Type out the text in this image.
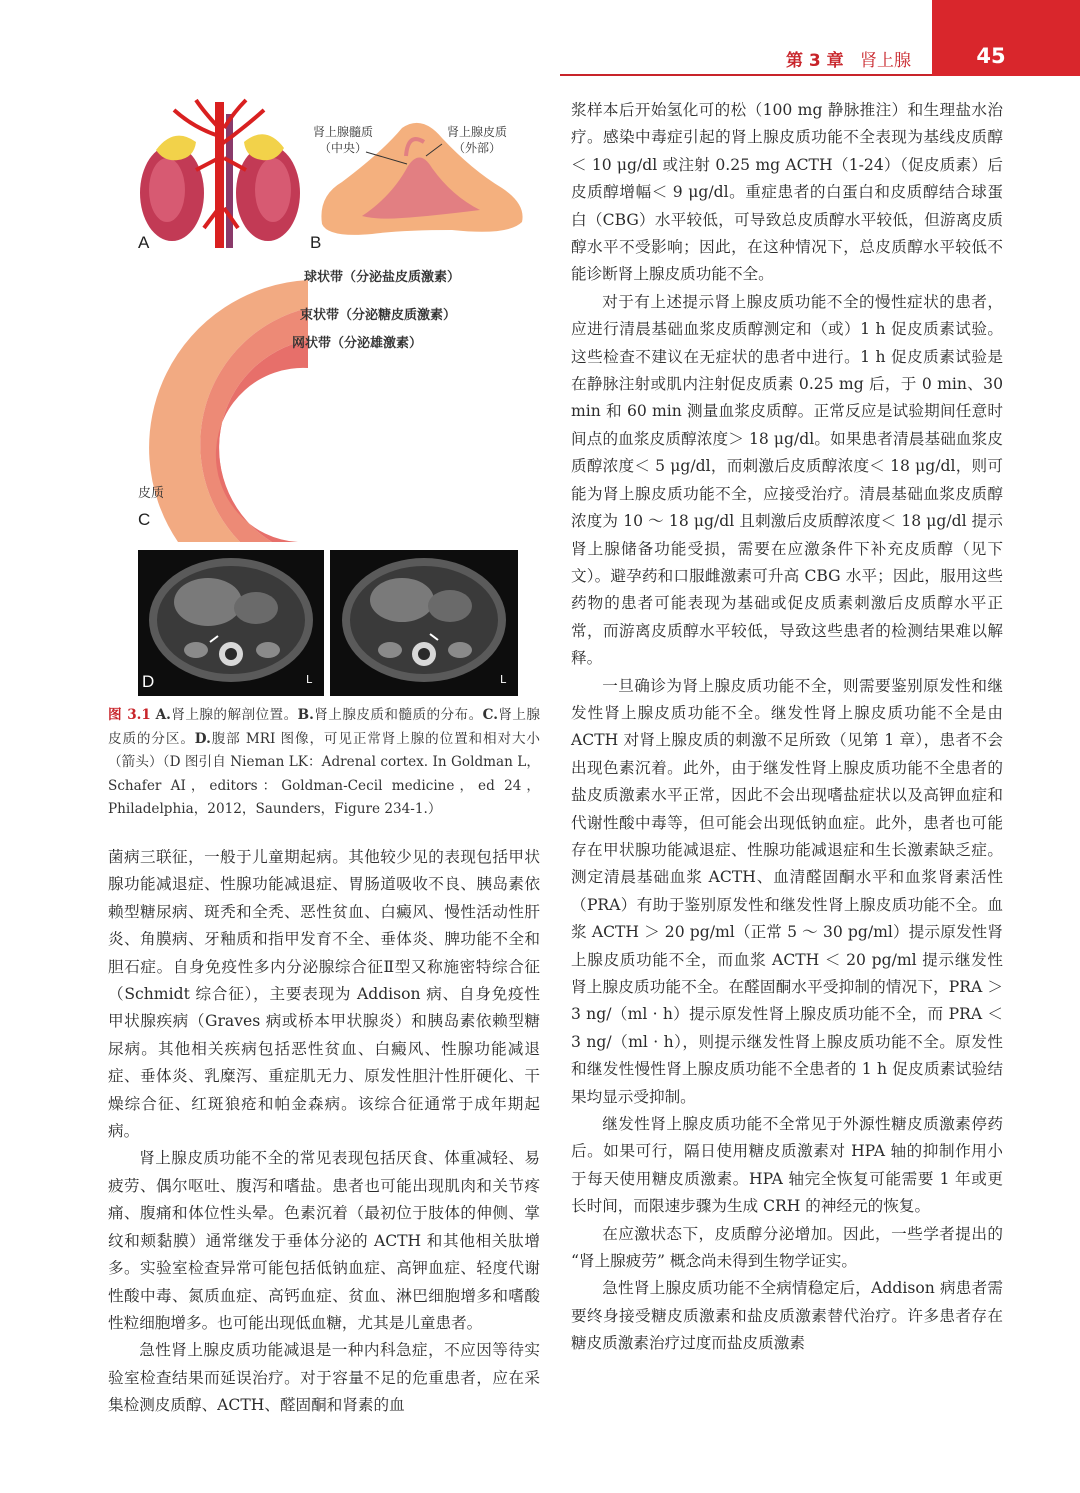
第 3 章 肾上腺	45
A
肾上腺髓质
（中央）
肾上腺皮质
（外部）
B
球状带（分泌盐皮质激素）
束状带（分泌糖皮质激素）
网状带（分泌雄激素）
皮质
C
D	L	L
图 3.1 A.肾上腺的解剖位置。B.肾上腺皮质和髓质的分布。C.肾上腺皮质的分区。D.腹部 MRI 图像，可见正常肾上腺的位置和相对大小（箭头）（D 图引自 Nieman LK：Adrenal cortex. In Goldman L，Schafer AI，editors：Goldman-Cecil medicine，ed 24，Philadelphia，2012，Saunders，Figure 234-1.）

菌病三联征，一般于儿童期起病。其他较少见的表现包括甲状腺功能减退症、性腺功能减退症、胃肠道吸收不良、胰岛素依赖型糖尿病、斑秃和全秃、恶性贫血、白癜风、慢性活动性肝炎、角膜病、牙釉质和指甲发育不全、垂体炎、脾功能不全和胆石症。自身免疫性多内分泌腺综合征Ⅱ型又称施密特综合征（Schmidt 综合征），主要表现为 Addison 病、自身免疫性甲状腺疾病（Graves 病或桥本甲状腺炎）和胰岛素依赖型糖尿病。其他相关疾病包括恶性贫血、白癜风、性腺功能减退症、垂体炎、乳糜泻、重症肌无力、原发性胆汁性肝硬化、干燥综合征、红斑狼疮和帕金森病。该综合征通常于成年期起病。

肾上腺皮质功能不全的常见表现包括厌食、体重减轻、易疲劳、偶尔呕吐、腹泻和嗜盐。患者也可能出现肌肉和关节疼痛、腹痛和体位性头晕。色素沉着（最初位于肢体的伸侧、掌纹和颊黏膜）通常继发于垂体分泌的 ACTH 和其他相关肽增多。实验室检查异常可能包括低钠血症、高钾血症、轻度代谢性酸中毒、氮质血症、高钙血症、贫血、淋巴细胞增多和嗜酸性粒细胞增多。也可能出现低血糖，尤其是儿童患者。

急性肾上腺皮质功能减退是一种内科急症，不应因等待实验室检查结果而延误治疗。对于容量不足的危重患者，应在采集检测皮质醇、ACTH、醛固酮和肾素的血

浆样本后开始氢化可的松（100 mg 静脉推注）和生理盐水治疗。感染中毒症引起的肾上腺皮质功能不全表现为基线皮质醇＜ 10 μg/dl 或注射 0.25 mg ACTH（1-24）（促皮质素）后皮质醇增幅＜ 9 μg/dl。重症患者的白蛋白和皮质醇结合球蛋白（CBG）水平较低，可导致总皮质醇水平较低，但游离皮质醇水平不受影响；因此，在这种情况下，总皮质醇水平较低不能诊断肾上腺皮质功能不全。

对于有上述提示肾上腺皮质功能不全的慢性症状的患者，应进行清晨基础血浆皮质醇测定和（或）1 h 促皮质素试验。这些检查不建议在无症状的患者中进行。1 h 促皮质素试验是在静脉注射或肌内注射促皮质素 0.25 mg 后，于 0 min、30 min 和 60 min 测量血浆皮质醇。正常反应是试验期间任意时间点的血浆皮质醇浓度＞ 18 μg/dl。如果患者清晨基础血浆皮质醇浓度＜ 5 μg/dl，而刺激后皮质醇浓度＜ 18 μg/dl，则可能为肾上腺皮质功能不全，应接受治疗。清晨基础血浆皮质醇浓度为 10 ～ 18 μg/dl 且刺激后皮质醇浓度＜ 18 μg/dl 提示肾上腺储备功能受损，需要在应激条件下补充皮质醇（见下文）。避孕药和口服雌激素可升高 CBG 水平；因此，服用这些药物的患者可能表现为基础或促皮质素刺激后皮质醇水平正常，而游离皮质醇水平较低，导致这些患者的检测结果难以解释。

一旦确诊为肾上腺皮质功能不全，则需要鉴别原发性和继发性肾上腺皮质功能不全。继发性肾上腺皮质功能不全是由 ACTH 对肾上腺皮质的刺激不足所致（见第 1 章），患者不会出现色素沉着。此外，由于继发性肾上腺皮质功能不全患者的盐皮质激素水平正常，因此不会出现嗜盐症状以及高钾血症和代谢性酸中毒等，但可能会出现低钠血症。此外，患者也可能存在甲状腺功能减退症、性腺功能减退症和生长激素缺乏症。测定清晨基础血浆 ACTH、血清醛固酮水平和血浆肾素活性（PRA）有助于鉴别原发性和继发性肾上腺皮质功能不全。血浆 ACTH ＞ 20 pg/ml（正常 5 ～ 30 pg/ml）提示原发性肾上腺皮质功能不全，而血浆 ACTH ＜ 20 pg/ml 提示继发性肾上腺皮质功能不全。在醛固酮水平受抑制的情况下，PRA ＞ 3 ng/（ml · h）提示原发性肾上腺皮质功能不全，而 PRA ＜ 3 ng/（ml · h），则提示继发性肾上腺皮质功能不全。原发性和继发性慢性肾上腺皮质功能不全患者的 1 h 促皮质素试验结果均显示受抑制。

继发性肾上腺皮质功能不全常见于外源性糖皮质激素停药后。如果可行，隔日使用糖皮质激素对 HPA 轴的抑制作用小于每天使用糖皮质激素。HPA 轴完全恢复可能需要 1 年或更长时间，而限速步骤为生成 CRH 的神经元的恢复。

在应激状态下，皮质醇分泌增加。因此，一些学者提出的 “肾上腺疲劳” 概念尚未得到生物学证实。

急性肾上腺皮质功能不全病情稳定后，Addison 病患者需要终身接受糖皮质激素和盐皮质激素替代治疗。许多患者存在糖皮质激素治疗过度而盐皮质激素
